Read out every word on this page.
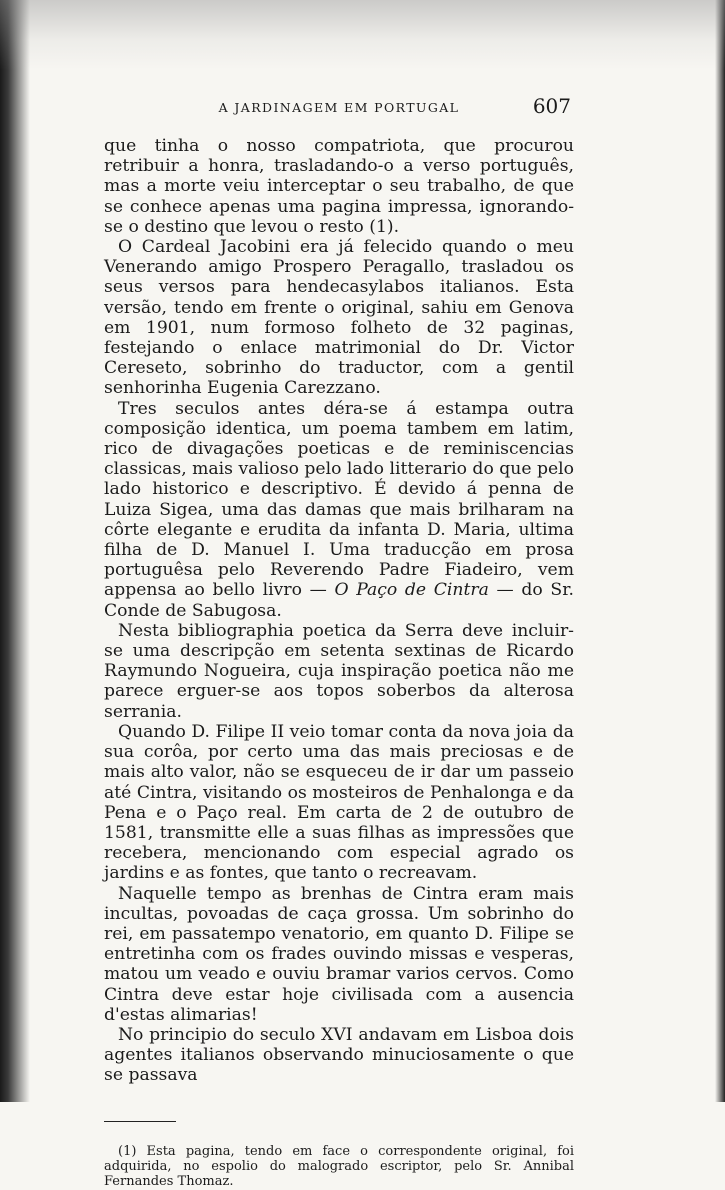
A JARDINAGEM EM PORTUGAL	607

que tinha o nosso compatriota, que procurou retribuir a honra, trasladando-o a verso português, mas a morte veiu interceptar o seu trabalho, de que se conhece apenas uma pagina impressa, ignorando-se o destino que levou o resto (1).

O Cardeal Jacobini era já felecido quando o meu Venerando amigo Prospero Peragallo, trasladou os seus versos para hendecasylabos italianos. Esta versão, tendo em frente o original, sahiu em Genova em 1901, num formoso folheto de 32 paginas, festejando o enlace matrimonial do Dr. Victor Cereseto, sobrinho do traductor, com a gentil senhorinha Eugenia Carezzano.

Tres seculos antes déra-se á estampa outra composição identica, um poema tambem em latim, rico de divagações poeticas e de reminiscencias classicas, mais valioso pelo lado litterario do que pelo lado historico e descriptivo. É devido á penna de Luiza Sigea, uma das damas que mais brilharam na côrte elegante e erudita da infanta D. Maria, ultima filha de D. Manuel I. Uma traducção em prosa portuguêsa pelo Reverendo Padre Fiadeiro, vem appensa ao bello livro — O Paço de Cintra — do Sr. Conde de Sabugosa.

Nesta bibliographia poetica da Serra deve incluir-se uma descripção em setenta sextinas de Ricardo Raymundo Nogueira, cuja inspiração poetica não me parece erguer-se aos topos soberbos da alterosa serrania.

Quando D. Filipe II veio tomar conta da nova joia da sua corôa, por certo uma das mais preciosas e de mais alto valor, não se esqueceu de ir dar um passeio até Cintra, visitando os mosteiros de Penhalonga e da Pena e o Paço real. Em carta de 2 de outubro de 1581, transmitte elle a suas filhas as impressões que recebera, mencionando com especial agrado os jardins e as fontes, que tanto o recreavam.

Naquelle tempo as brenhas de Cintra eram mais incultas, povoadas de caça grossa. Um sobrinho do rei, em passatempo venatorio, em quanto D. Filipe se entretinha com os frades ouvindo missas e vesperas, matou um veado e ouviu bramar varios cervos. Como Cintra deve estar hoje civilisada com a ausencia d'estas alimarias!

No principio do seculo XVI andavam em Lisboa dois agentes italianos observando minuciosamente o que se passava

(1) Esta pagina, tendo em face o correspondente original, foi adquirida, no espolio do malogrado escriptor, pelo Sr. Annibal Fernandes Thomaz.
